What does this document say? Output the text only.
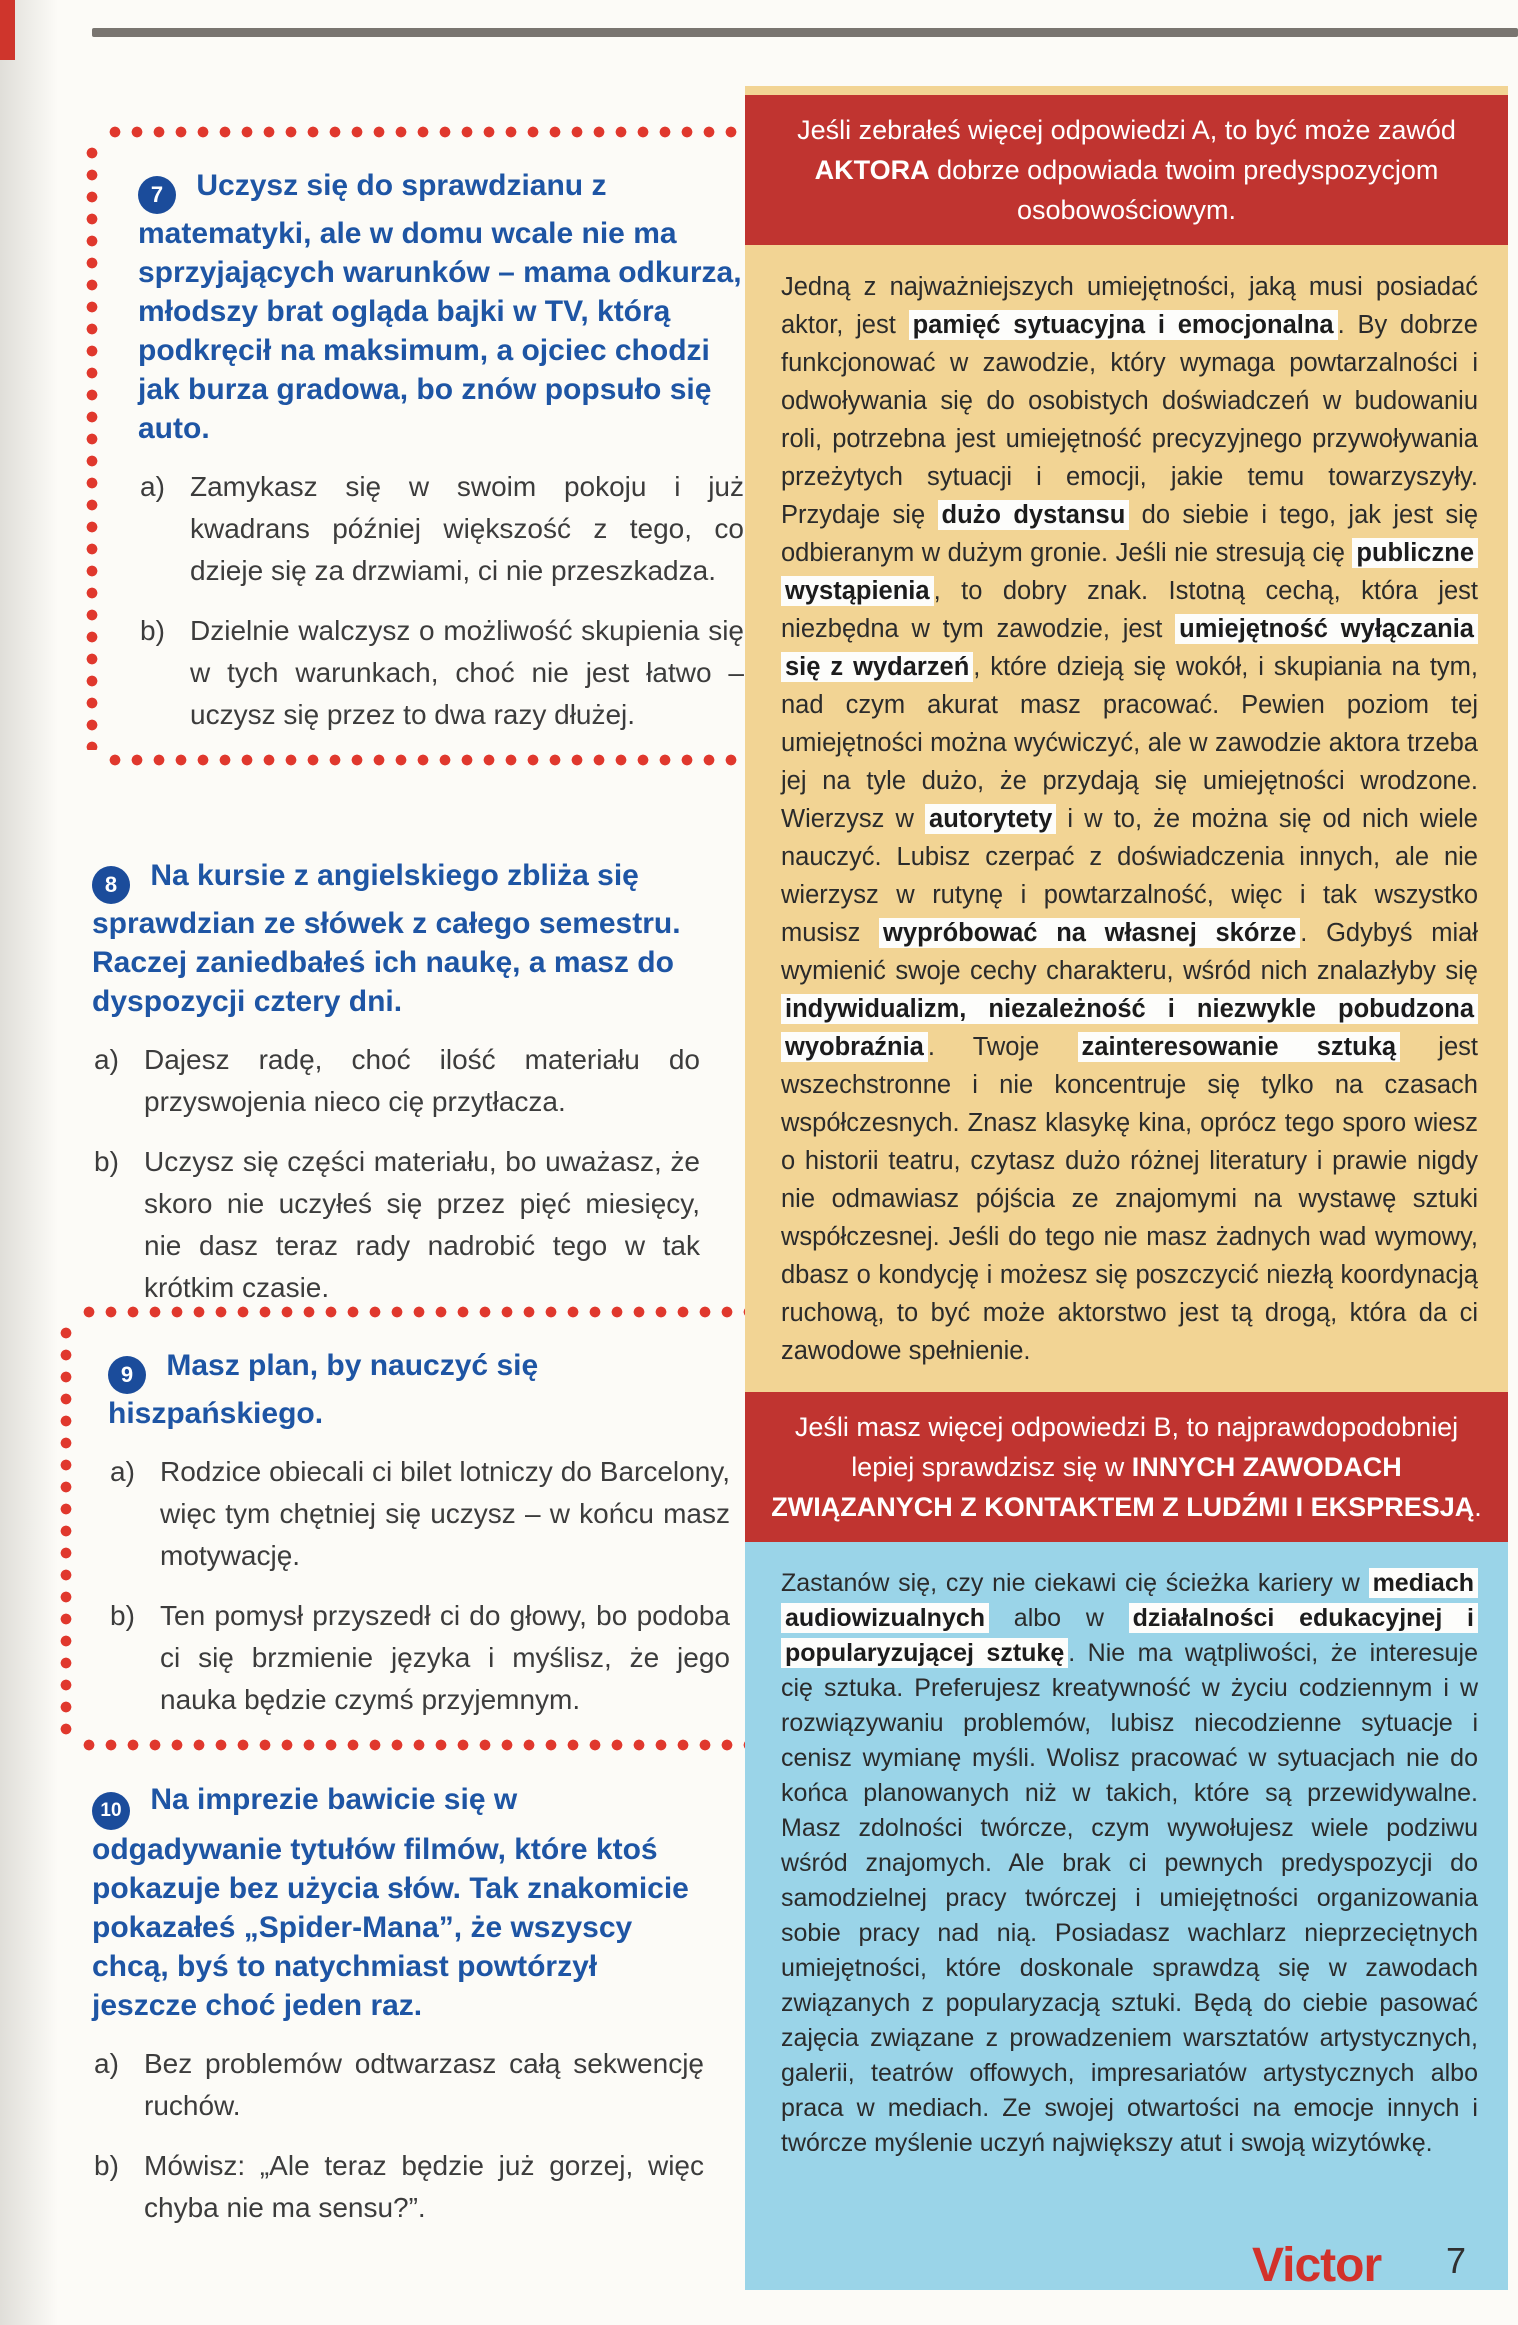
7 Uczysz się do sprawdzianu z matematyki, ale w domu wcale nie ma sprzyjających warunków – mama odkurza, młodszy brat ogląda bajki w TV, którą podkręcił na maksimum, a ojciec chodzi jak burza gradowa, bo znów popsuło się auto.
a) Zamykasz się w swoim pokoju i już kwadrans później większość z tego, co dzieje się za drzwiami, ci nie przeszkadza.
b) Dzielnie walczysz o możliwość skupienia się w tych warunkach, choć nie jest łatwo – uczysz się przez to dwa razy dłużej.
8 Na kursie z angielskiego zbliża się sprawdzian ze słówek z całego semestru. Raczej zaniedbałeś ich naukę, a masz do dyspozycji cztery dni.
a) Dajesz radę, choć ilość materiału do przyswojenia nieco cię przytłacza.
b) Uczysz się części materiału, bo uważasz, że skoro nie uczyłeś się przez pięć miesięcy, nie dasz teraz rady nadrobić tego w tak krótkim czasie.
9 Masz plan, by nauczyć się hiszpańskiego.
a) Rodzice obiecali ci bilet lotniczy do Barcelony, więc tym chętniej się uczysz – w końcu masz motywację.
b) Ten pomysł przyszedł ci do głowy, bo podoba ci się brzmienie języka i myślisz, że jego nauka będzie czymś przyjemnym.
10 Na imprezie bawicie się w odgadywanie tytułów filmów, które ktoś pokazuje bez użycia słów. Tak znakomicie pokazałeś „Spider-Mana”, że wszyscy chcą, byś to natychmiast powtórzył jeszcze choć jeden raz.
a) Bez problemów odtwarzasz całą sekwencję ruchów.
b) Mówisz: „Ale teraz będzie już gorzej, więc chyba nie ma sensu?”.
Jeśli zebrałeś więcej odpowiedzi A, to być może zawód AKTORA dobrze odpowiada twoim predyspozycjom osobowościowym.
Jedną z najważniejszych umiejętności, jaką musi posiadać aktor, jest pamięć sytuacyjna i emocjonalna . By dobrze funkcjonować w zawodzie, który wymaga powtarzalności i odwoływania się do osobistych doświadczeń w budowaniu roli, potrzebna jest umiejętność precyzyjnego przywoływania przeżytych sytuacji i emocji, jakie temu towarzyszyły. Przydaje się dużo dystansu do siebie i tego, jak jest się odbieranym w dużym gronie. Jeśli nie stresują cię publiczne wystąpienia , to dobry znak. Istotną cechą, która jest niezbędna w tym zawodzie, jest umiejętność wyłączania się z wydarzeń , które dzieją się wokół, i skupiania na tym, nad czym akurat masz pracować. Pewien poziom tej umiejętności można wyćwiczyć, ale w zawodzie aktora trzeba jej na tyle dużo, że przydają się umiejętności wrodzone. Wierzysz w autorytety i w to, że można się od nich wiele nauczyć. Lubisz czerpać z doświadczenia innych, ale nie wierzysz w rutynę i powtarzalność, więc i tak wszystko musisz wypróbować na własnej skórze . Gdybyś miał wymienić swoje cechy charakteru, wśród nich znalazłyby się indywidualizm, niezależność i niezwykle pobudzona wyobraźnia . Twoje zainteresowanie sztuką jest wszechstronne i nie koncentruje się tylko na czasach współczesnych. Znasz klasykę kina, oprócz tego sporo wiesz o historii teatru, czytasz dużo różnej literatury i prawie nigdy nie odmawiasz pójścia ze znajomymi na wystawę sztuki współczesnej. Jeśli do tego nie masz żadnych wad wymowy, dbasz o kondycję i możesz się poszczycić niezłą koordynacją ruchową, to być może aktorstwo jest tą drogą, która da ci zawodowe spełnienie.
Jeśli masz więcej odpowiedzi B, to najprawdopodobniej lepiej sprawdzisz się w INNYCH ZAWODACH ZWIĄZANYCH Z KONTAKTEM Z LUDŹMI I EKSPRESJĄ.
Zastanów się, czy nie ciekawi cię ścieżka kariery w mediach audiowizualnych albo w działalności edukacyjnej i popularyzującej sztukę . Nie ma wątpliwości, że interesuje cię sztuka. Preferujesz kreatywność w życiu codziennym i w rozwiązywaniu problemów, lubisz niecodzienne sytuacje i cenisz wymianę myśli. Wolisz pracować w sytuacjach nie do końca planowanych niż w takich, które są przewidywalne. Masz zdolności twórcze, czym wywołujesz wiele podziwu wśród znajomych. Ale brak ci pewnych predyspozycji do samodzielnej pracy twórczej i umiejętności organizowania sobie pracy nad nią. Posiadasz wachlarz nieprzeciętnych umiejętności, które doskonale sprawdzą się w zawodach związanych z popularyzacją sztuki. Będą do ciebie pasować zajęcia związane z prowadzeniem warsztatów artystycznych, galerii, teatrów offowych, impresariatów artystycznych albo praca w mediach. Ze swojej otwartości na emocje innych i twórcze myślenie uczyń największy atut i swoją wizytówkę.
Victor 7
